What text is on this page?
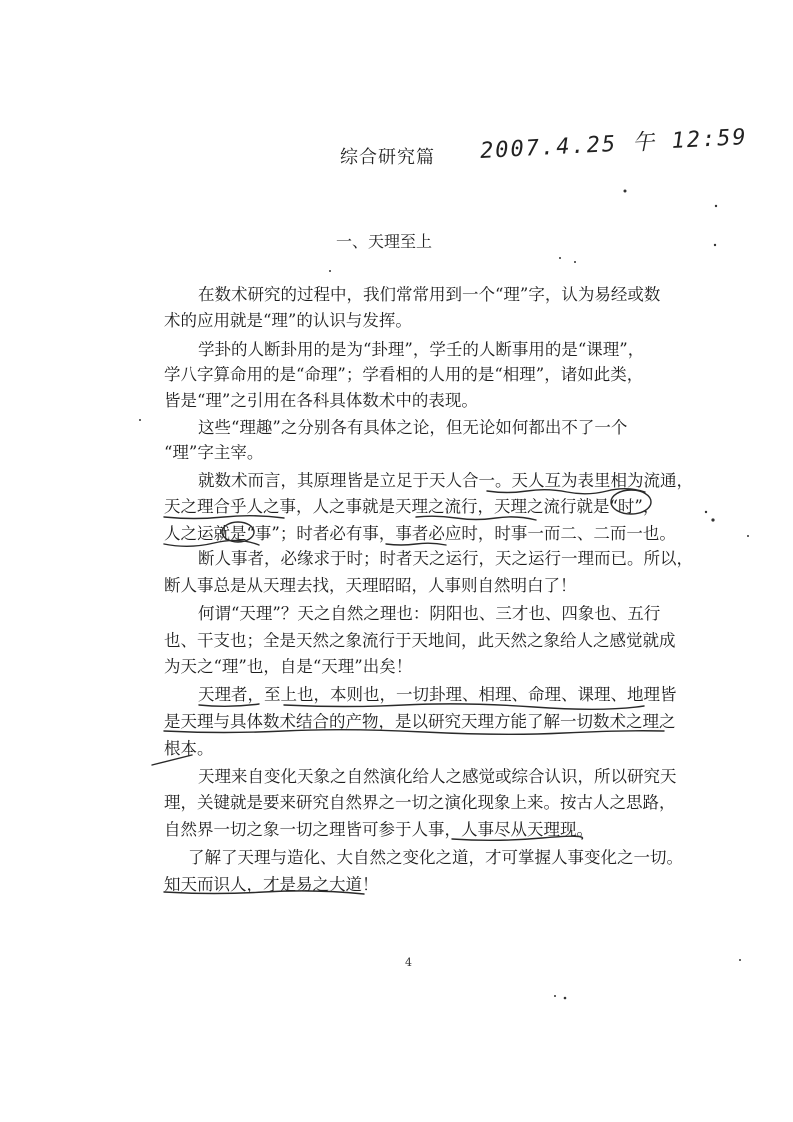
综合研究篇 2007.4.25 午 12:59
一、天理至上
在数术研究的过程中，我们常常用到一个“理”字，认为易经或数
术的应用就是“理”的认识与发挥。
学卦的人断卦用的是为“卦理”，学壬的人断事用的是“课理”，
学八字算命用的是“命理”；学看相的人用的是“相理”，诸如此类，
皆是“理”之引用在各科具体数术中的表现。
这些“理趣”之分别各有具体之论，但无论如何都出不了一个
“理”字主宰。
就数术而言，其原理皆是立足于天人合一。天人互为表里相为流通，
天之理合乎人之事，人之事就是天理之流行，天理之流行就是“时”，
人之运就是“事”；时者必有事，事者必应时，时事一而二、二而一也。
断人事者，必缘求于时；时者天之运行，天之运行一理而已。所以，
断人事总是从天理去找，天理昭昭，人事则自然明白了！
何谓“天理”？天之自然之理也：阴阳也、三才也、四象也、五行
也、干支也；全是天然之象流行于天地间，此天然之象给人之感觉就成
为天之“理”也，自是“天理”出矣！
天理者，至上也，本则也，一切卦理、相理、命理、课理、地理皆
是天理与具体数术结合的产物，是以研究天理方能了解一切数术之理之
根本。
天理来自变化天象之自然演化给人之感觉或综合认识，所以研究天
理，关键就是要来研究自然界之一切之演化现象上来。按古人之思路，
自然界一切之象一切之理皆可参于人事，人事尽从天理现。
了解了天理与造化、大自然之变化之道，才可掌握人事变化之一切。
知天而识人，才是易之大道！
4
